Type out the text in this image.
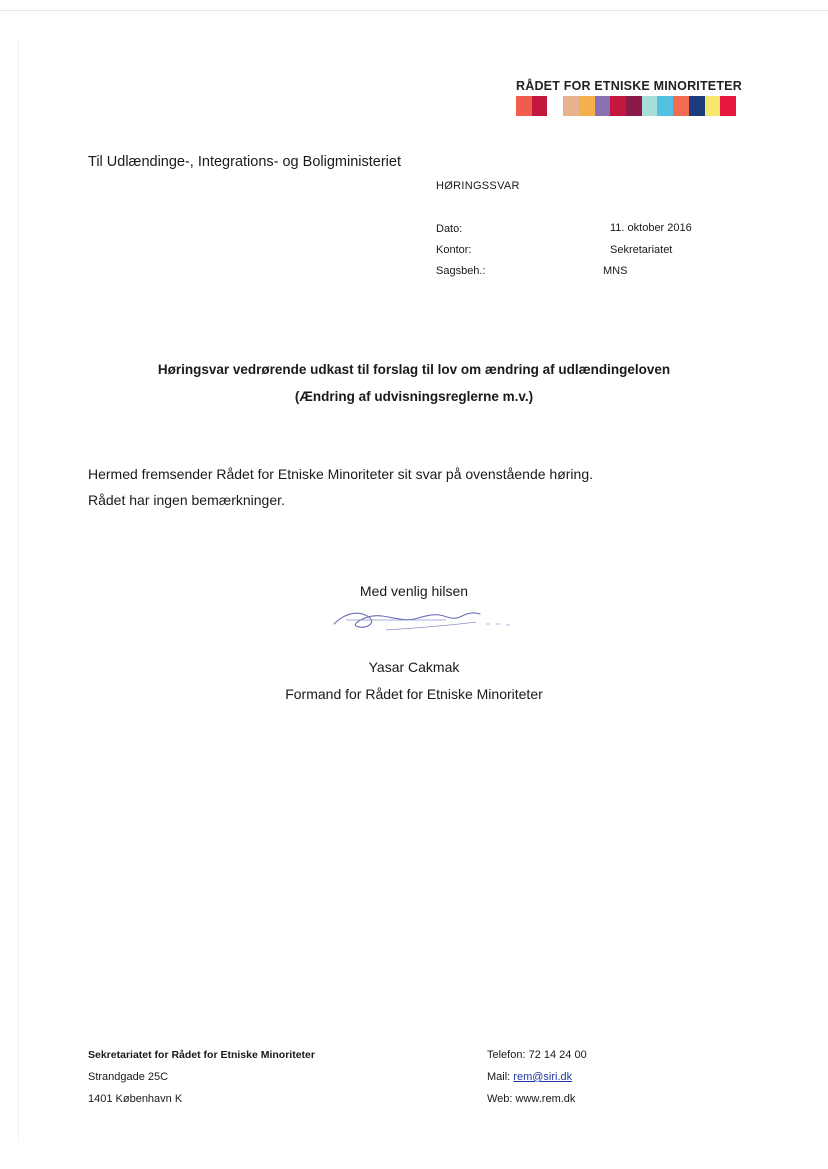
RÅDET FOR ETNISKE MINORITETER
Til Udlændinge-, Integrations- og Boligministeriet
HØRINGSSVAR
Dato:	11. oktober 2016
Kontor:	Sekretariatet
Sagsbeh.:	MNS
Høringsvar vedrørende udkast til forslag til lov om ændring af udlændingeloven
(Ændring af udvisningsreglerne m.v.)
Hermed fremsender Rådet for Etniske Minoriteter sit svar på ovenstående høring.
Rådet har ingen bemærkninger.
Med venlig hilsen
Yasar Cakmak
Formand for Rådet for Etniske Minoriteter
Sekretariatet for Rådet for Etniske Minoriteter
Strandgade 25C
1401 København K
Telefon: 72 14 24 00
Mail: rem@siri.dk
Web: www.rem.dk
